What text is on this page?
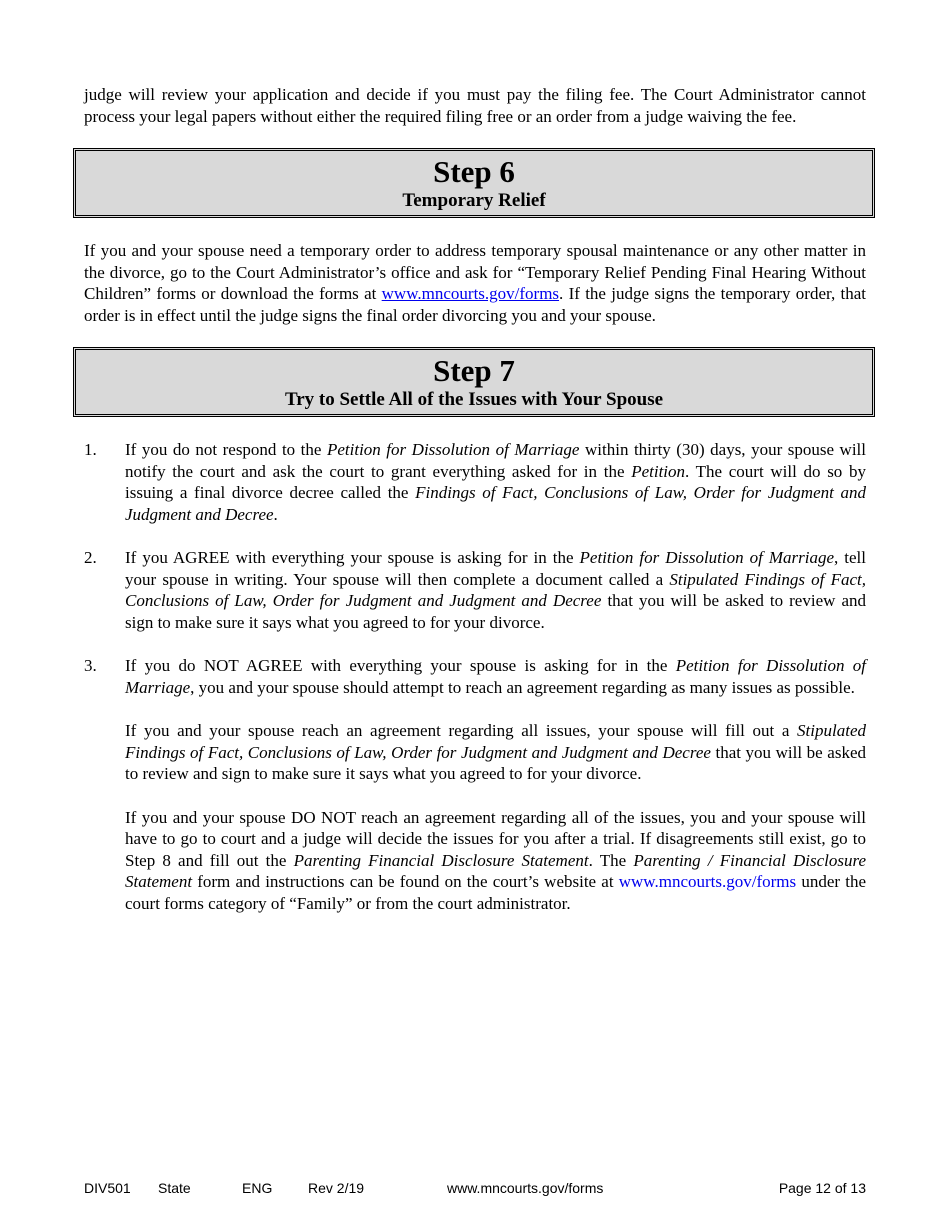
judge will review your application and decide if you must pay the filing fee. The Court Administrator cannot process your legal papers without either the required filing free or an order from a judge waiving the fee.

Step 6
Temporary Relief

If you and your spouse need a temporary order to address temporary spousal maintenance or any other matter in the divorce, go to the Court Administrator’s office and ask for “Temporary Relief Pending Final Hearing Without Children” forms or download the forms at www.mncourts.gov/forms. If the judge signs the temporary order, that order is in effect until the judge signs the final order divorcing you and your spouse.

Step 7
Try to Settle All of the Issues with Your Spouse
1. If you do not respond to the Petition for Dissolution of Marriage within thirty (30) days, your spouse will notify the court and ask the court to grant everything asked for in the Petition. The court will do so by issuing a final divorce decree called the Findings of Fact, Conclusions of Law, Order for Judgment and Judgment and Decree.

2. If you AGREE with everything your spouse is asking for in the Petition for Dissolution of Marriage, tell your spouse in writing. Your spouse will then complete a document called a Stipulated Findings of Fact, Conclusions of Law, Order for Judgment and Judgment and Decree that you will be asked to review and sign to make sure it says what you agreed to for your divorce.

3. If you do NOT AGREE with everything your spouse is asking for in the Petition for Dissolution of Marriage, you and your spouse should attempt to reach an agreement regarding as many issues as possible.

If you and your spouse reach an agreement regarding all issues, your spouse will fill out a Stipulated Findings of Fact, Conclusions of Law, Order for Judgment and Judgment and Decree that you will be asked to review and sign to make sure it says what you agreed to for your divorce.

If you and your spouse DO NOT reach an agreement regarding all of the issues, you and your spouse will have to go to court and a judge will decide the issues for you after a trial. If disagreements still exist, go to Step 8 and fill out the Parenting Financial Disclosure Statement. The Parenting / Financial Disclosure Statement form and instructions can be found on the court’s website at www.mncourts.gov/forms under the court forms category of “Family” or from the court administrator.

DIV501 State	ENG	Rev 2/19	www.mncourts.gov/forms	Page 12 of 13
